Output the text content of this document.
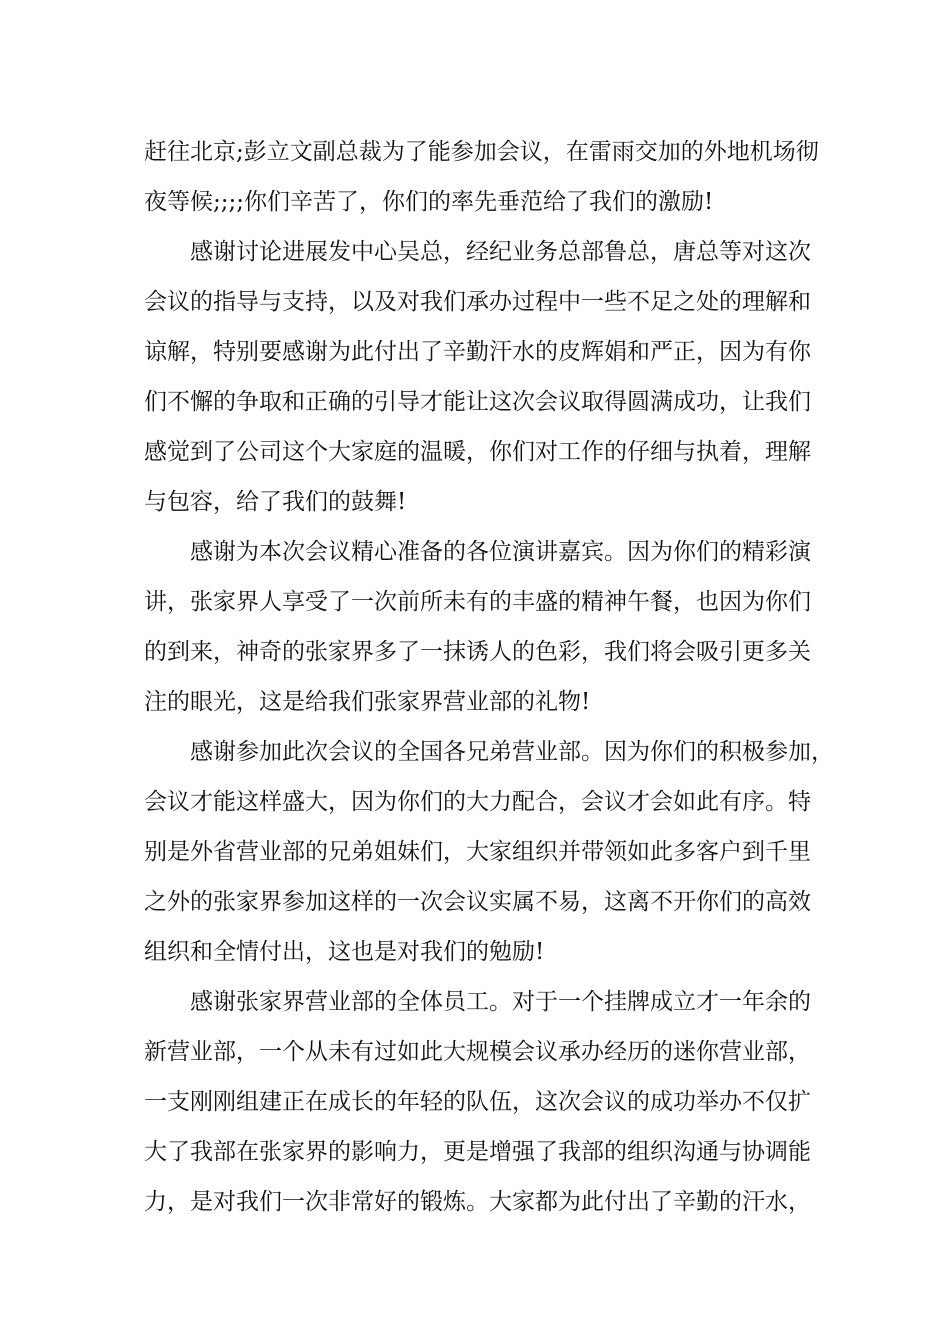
赶往北京;彭立文副总裁为了能参加会议，在雷雨交加的外地机场彻
夜等候;;;;你们辛苦了，你们的率先垂范给了我们的激励!
感谢讨论进展发中心吴总，经纪业务总部鲁总，唐总等对这次
会议的指导与支持，以及对我们承办过程中一些不足之处的理解和
谅解，特别要感谢为此付出了辛勤汗水的皮辉娟和严正，因为有你
们不懈的争取和正确的引导才能让这次会议取得圆满成功，让我们
感觉到了公司这个大家庭的温暖，你们对工作的仔细与执着，理解
与包容，给了我们的鼓舞!
感谢为本次会议精心准备的各位演讲嘉宾。因为你们的精彩演
讲，张家界人享受了一次前所未有的丰盛的精神午餐，也因为你们
的到来，神奇的张家界多了一抹诱人的色彩，我们将会吸引更多关
注的眼光，这是给我们张家界营业部的礼物!
感谢参加此次会议的全国各兄弟营业部。因为你们的积极参加，
会议才能这样盛大，因为你们的大力配合，会议才会如此有序。特
别是外省营业部的兄弟姐妹们，大家组织并带领如此多客户到千里
之外的张家界参加这样的一次会议实属不易，这离不开你们的高效
组织和全情付出，这也是对我们的勉励!
感谢张家界营业部的全体员工。对于一个挂牌成立才一年余的
新营业部，一个从未有过如此大规模会议承办经历的迷你营业部，
一支刚刚组建正在成长的年轻的队伍，这次会议的成功举办不仅扩
大了我部在张家界的影响力，更是增强了我部的组织沟通与协调能
力，是对我们一次非常好的锻炼。大家都为此付出了辛勤的汗水，
